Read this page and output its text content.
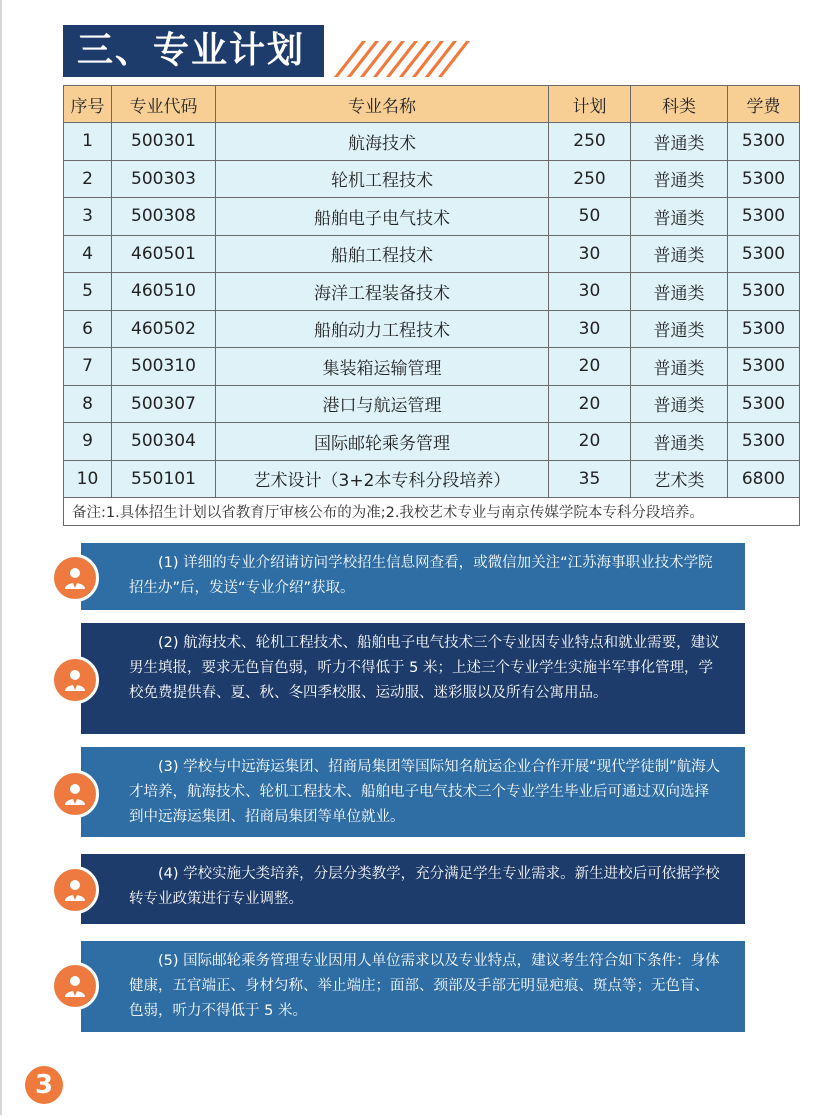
三、专业计划
序号	专业代码	专业名称	计划	科类	学费
1	500301	航海技术	250	普通类	5300
2	500303	轮机工程技术	250	普通类	5300
3	500308	船舶电子电气技术	50	普通类	5300
4	460501	船舶工程技术	30	普通类	5300
5	460510	海洋工程装备技术	30	普通类	5300
6	460502	船舶动力工程技术	30	普通类	5300
7	500310	集装箱运输管理	20	普通类	5300
8	500307	港口与航运管理	20	普通类	5300
9	500304	国际邮轮乘务管理	20	普通类	5300
10	550101	艺术设计（3+2本专科分段培养）	35	艺术类	6800
备注:1.具体招生计划以省教育厅审核公布的为准;2.我校艺术专业与南京传媒学院本专科分段培养。					

(1) 详细的专业介绍请访问学校招生信息网查看，或微信加关注“江苏海事职业技术学院招生办”后，发送“专业介绍”获取。

(2) 航海技术、轮机工程技术、船舶电子电气技术三个专业因专业特点和就业需要，建议男生填报，要求无色盲色弱，听力不得低于 5 米；上述三个专业学生实施半军事化管理，学校免费提供春、夏、秋、冬四季校服、运动服、迷彩服以及所有公寓用品。

(3) 学校与中远海运集团、招商局集团等国际知名航运企业合作开展“现代学徒制”航海人才培养，航海技术、轮机工程技术、船舶电子电气技术三个专业学生毕业后可通过双向选择到中远海运集团、招商局集团等单位就业。

(4) 学校实施大类培养，分层分类教学，充分满足学生专业需求。新生进校后可依据学校转专业政策进行专业调整。

(5) 国际邮轮乘务管理专业因用人单位需求以及专业特点，建议考生符合如下条件：身体健康，五官端正、身材匀称、举止端庄；面部、颈部及手部无明显疤痕、斑点等；无色盲、色弱，听力不得低于 5 米。

3
